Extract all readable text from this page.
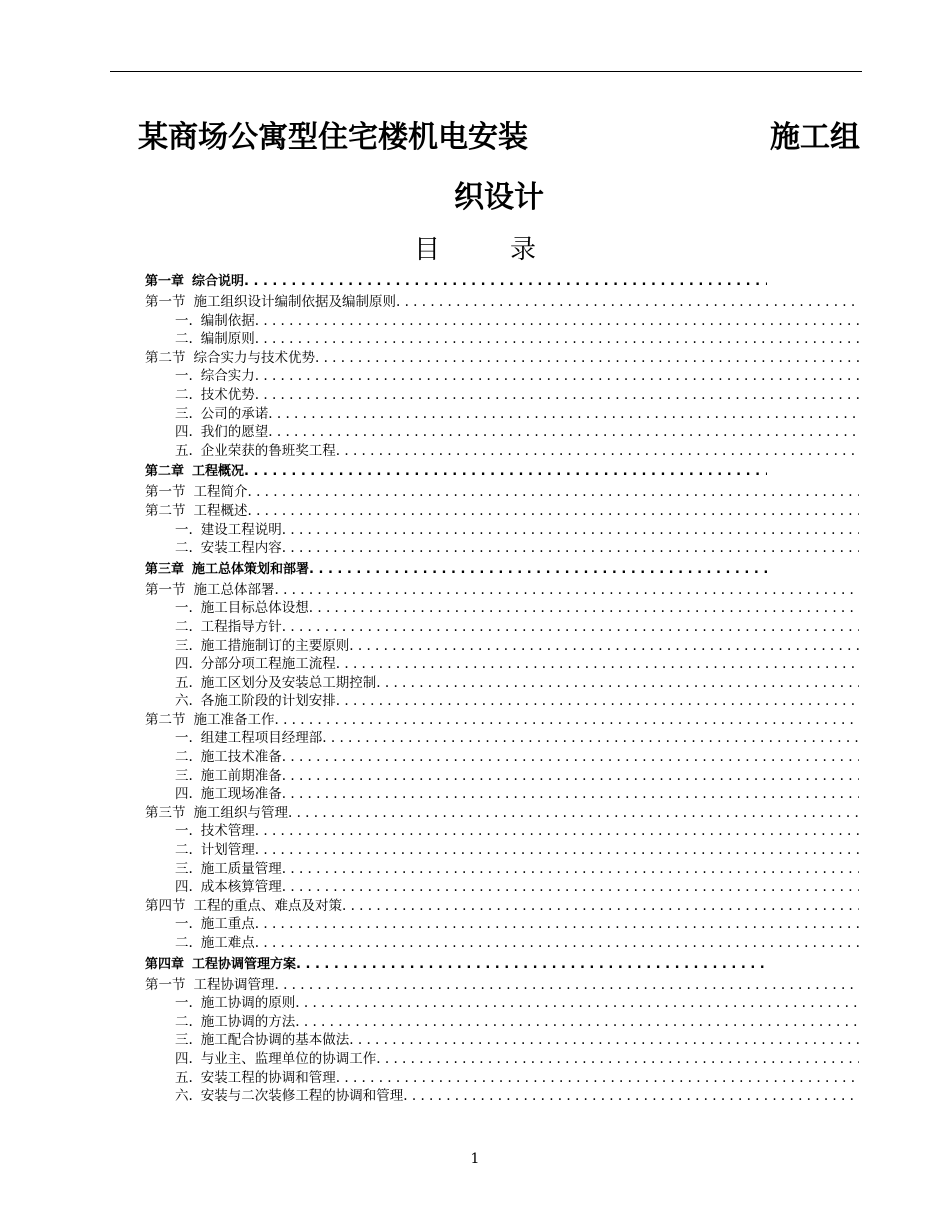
某商场公寓型住宅楼机电安装	施工组
织设计
目	录
第一章 综合说明
. . .
第一节 施工组织设计编制依据及编制原则
. . .
一. 编制依据
. . .
二. 编制原则
. . .
第二节 综合实力与技术优势
. . .
一. 综合实力
. . .
二. 技术优势
. . .
三. 公司的承诺
. . .
四. 我们的愿望
. . .
五. 企业荣获的鲁班奖工程
. . .
第二章 工程概况
. . .
第一节 工程简介
. . .
第二节 工程概述
. . .
一. 建设工程说明
. . .
二. 安装工程内容
. . .
第三章 施工总体策划和部署
. . .
第一节 施工总体部署
. . .
一. 施工目标总体设想
. . .
二. 工程指导方针
. . .
三. 施工措施制订的主要原则
. . .
四. 分部分项工程施工流程
. . .
五. 施工区划分及安装总工期控制
. . .
六. 各施工阶段的计划安排
. . .
第二节 施工准备工作
. . .
一. 组建工程项目经理部
. . .
二. 施工技术准备
. . .
三. 施工前期准备
. . .
四. 施工现场准备
. . .
第三节 施工组织与管理
. . .
一. 技术管理
. . .
二. 计划管理
. . .
三. 施工质量管理
. . .
四. 成本核算管理
. . .
第四节 工程的重点、难点及对策
. . .
一. 施工重点
. . .
二. 施工难点
. . .
第四章 工程协调管理方案
. . .
第一节 工程协调管理
. . .
一. 施工协调的原则
. . .
二. 施工协调的方法
. . .
三. 施工配合协调的基本做法
. . .
四. 与业主、监理单位的协调工作
. . .
五. 安装工程的协调和管理
. . .
六. 安装与二次装修工程的协调和管理
. . .
1
